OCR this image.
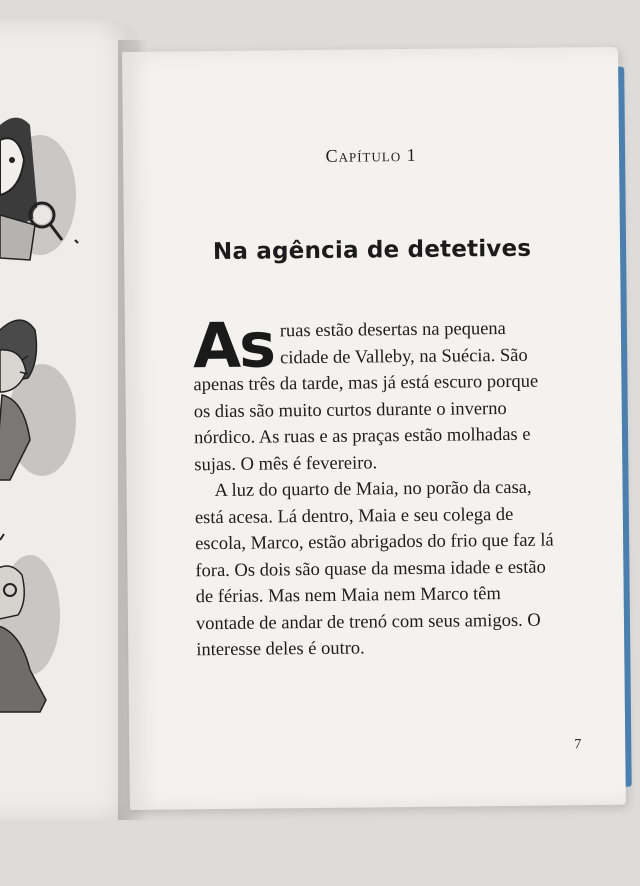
Capítulo 1
Na agência de detetives

As ruas estão desertas na pequena cidade de Valleby, na Suécia. São apenas três da tarde, mas já está escuro porque os dias são muito curtos durante o inverno nórdico. As ruas e as praças estão molhadas e sujas. O mês é fevereiro.

A luz do quarto de Maia, no porão da casa, está acesa. Lá dentro, Maia e seu colega de escola, Marco, estão abrigados do frio que faz lá fora. Os dois são quase da mesma idade e estão de férias. Mas nem Maia nem Marco têm vontade de andar de trenó com seus amigos. O interesse deles é outro.

7
